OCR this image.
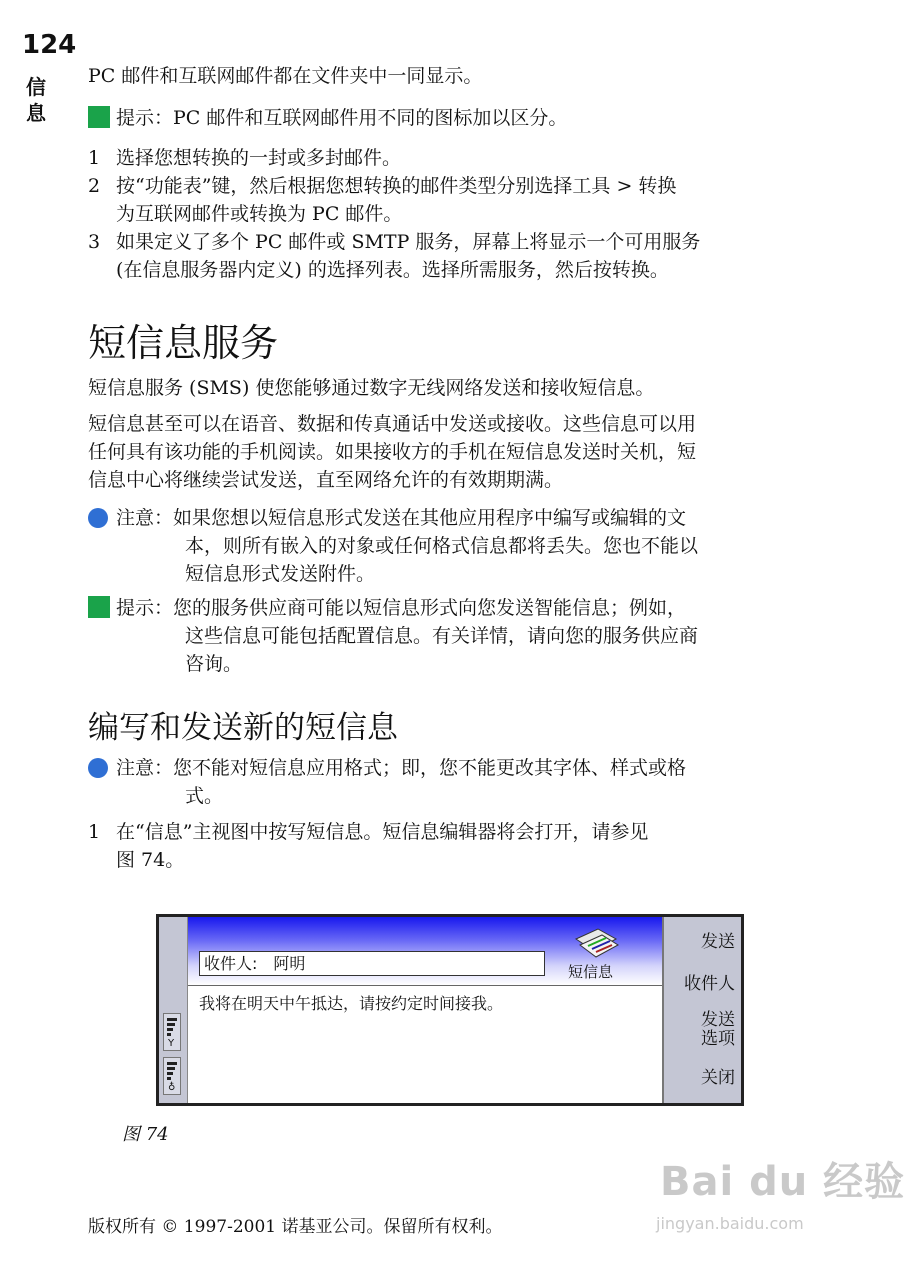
124
信
息
PC 邮件和互联网邮件都在文件夹中一同显示。
提示：PC 邮件和互联网邮件用不同的图标加以区分。
1 选择您想转换的一封或多封邮件。
2 按“功能表”键，然后根据您想转换的邮件类型分别选择工具 > 转换
为互联网邮件或转换为 PC 邮件。
3 如果定义了多个 PC 邮件或 SMTP 服务，屏幕上将显示一个可用服务
(在信息服务器内定义) 的选择列表。选择所需服务，然后按转换。
短信息服务
短信息服务 (SMS) 使您能够通过数字无线网络发送和接收短信息。
短信息甚至可以在语音、数据和传真通话中发送或接收。这些信息可以用
任何具有该功能的手机阅读。如果接收方的手机在短信息发送时关机，短
信息中心将继续尝试发送，直至网络允许的有效期期满。
注意：如果您想以短信息形式发送在其他应用程序中编写或编辑的文
本，则所有嵌入的对象或任何格式信息都将丢失。您也不能以
短信息形式发送附件。
提示：您的服务供应商可能以短信息形式向您发送智能信息；例如，
这些信息可能包括配置信息。有关详情，请向您的服务供应商
咨询。
编写和发送新的短信息
注意：您不能对短信息应用格式；即，您不能更改其字体、样式或格
式。
1 在“信息”主视图中按写短信息。短信息编辑器将会打开，请参见
图 74。
Y
♁
收件人: 阿明	短信息
我将在明天中午抵达，请按约定时间接我。
发送
收件人
发送
选项
关闭
图 74
Bai du 经验
jingyan.baidu.com
版权所有 © 1997-2001 诺基亚公司。保留所有权利。
